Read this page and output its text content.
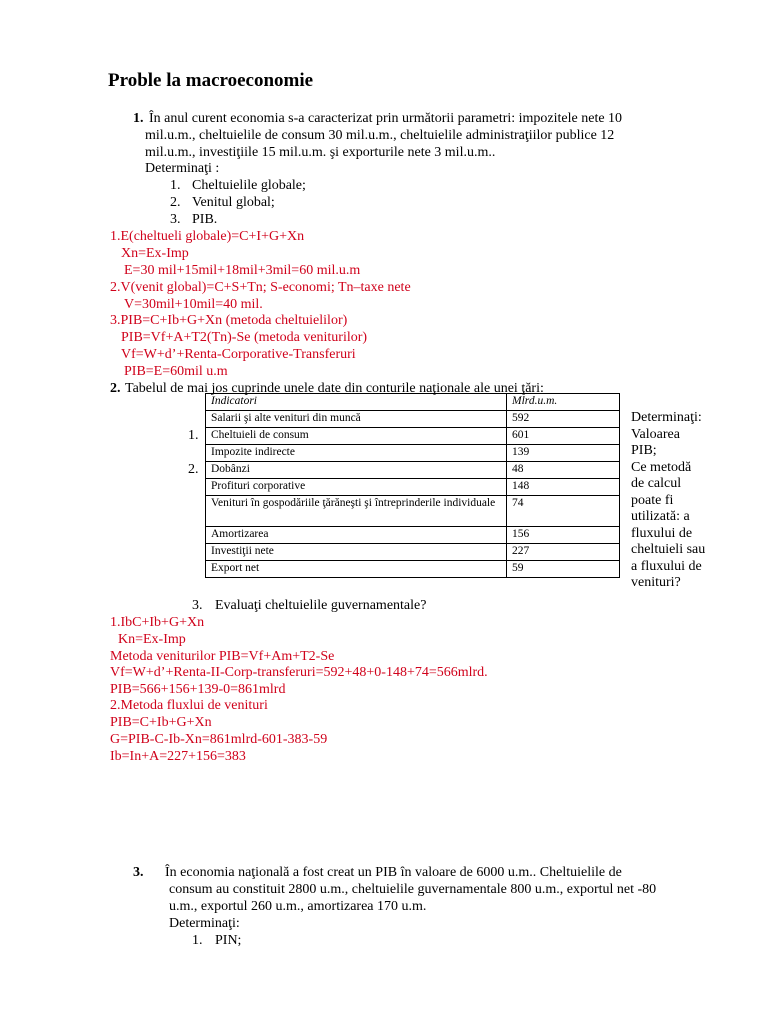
Proble la macroeconomie
1. În anul curent economia s-a caracterizat prin următorii parametri: impozitele nete 10
mil.u.m., cheltuielile de consum 30 mil.u.m., cheltuielile administraţiilor publice 12
mil.u.m., investiţiile 15 mil.u.m. şi exporturile nete 3 mil.u.m..
Determinaţi :
1. Cheltuielile globale;
2. Venitul global;
3. PIB.
1.E(cheltueli globale)=C+I+G+Xn
Xn=Ex-Imp
E=30 mil+15mil+18mil+3mil=60 mil.u.m
2.V(venit global)=C+S+Tn; S-economi; Tn–taxe nete
V=30mil+10mil=40 mil.
3.PIB=C+Ib+G+Xn (metoda cheltuielilor)
PIB=Vf+A+T2(Tn)-Se (metoda veniturilor)
Vf=W+d’+Renta-Corporative-Transferuri
PIB=E=60mil u.m
2. Tabelul de mai jos cuprinde unele date din conturile naţionale ale unei ţări:
Indicatori	Mlrd.u.m.
Salarii şi alte venituri din muncă	592
Cheltuieli de consum	601
Impozite indirecte	139
Dobânzi	48
Profituri corporative	148
Venituri în gospodăriile ţărăneşti şi întreprinderile individuale	74
Amortizarea	156
Investiţii nete	227
Export net	59
1.
2.
Determinaţi:
Valoarea
PIB;
Ce metodă
de calcul
poate fi
utilizată: a
fluxului de
cheltuieli sau
a fluxului de
venituri?
3. Evaluaţi cheltuielile guvernamentale?
1.IbC+Ib+G+Xn
Kn=Ex-Imp
Metoda veniturilor PIB=Vf+Am+T2-Se
Vf=W+d’+Renta-II-Corp-transferuri=592+48+0-148+74=566mlrd.
PIB=566+156+139-0=861mlrd
2.Metoda fluxlui de venituri
PIB=C+Ib+G+Xn
G=PIB-C-Ib-Xn=861mlrd-601-383-59
Ib=In+A=227+156=383
3. În economia naţională a fost creat un PIB în valoare de 6000 u.m.. Cheltuielile de
consum au constituit 2800 u.m., cheltuielile guvernamentale 800 u.m., exportul net -80
u.m., exportul 260 u.m., amortizarea 170 u.m.
Determinaţi:
1. PIN;
